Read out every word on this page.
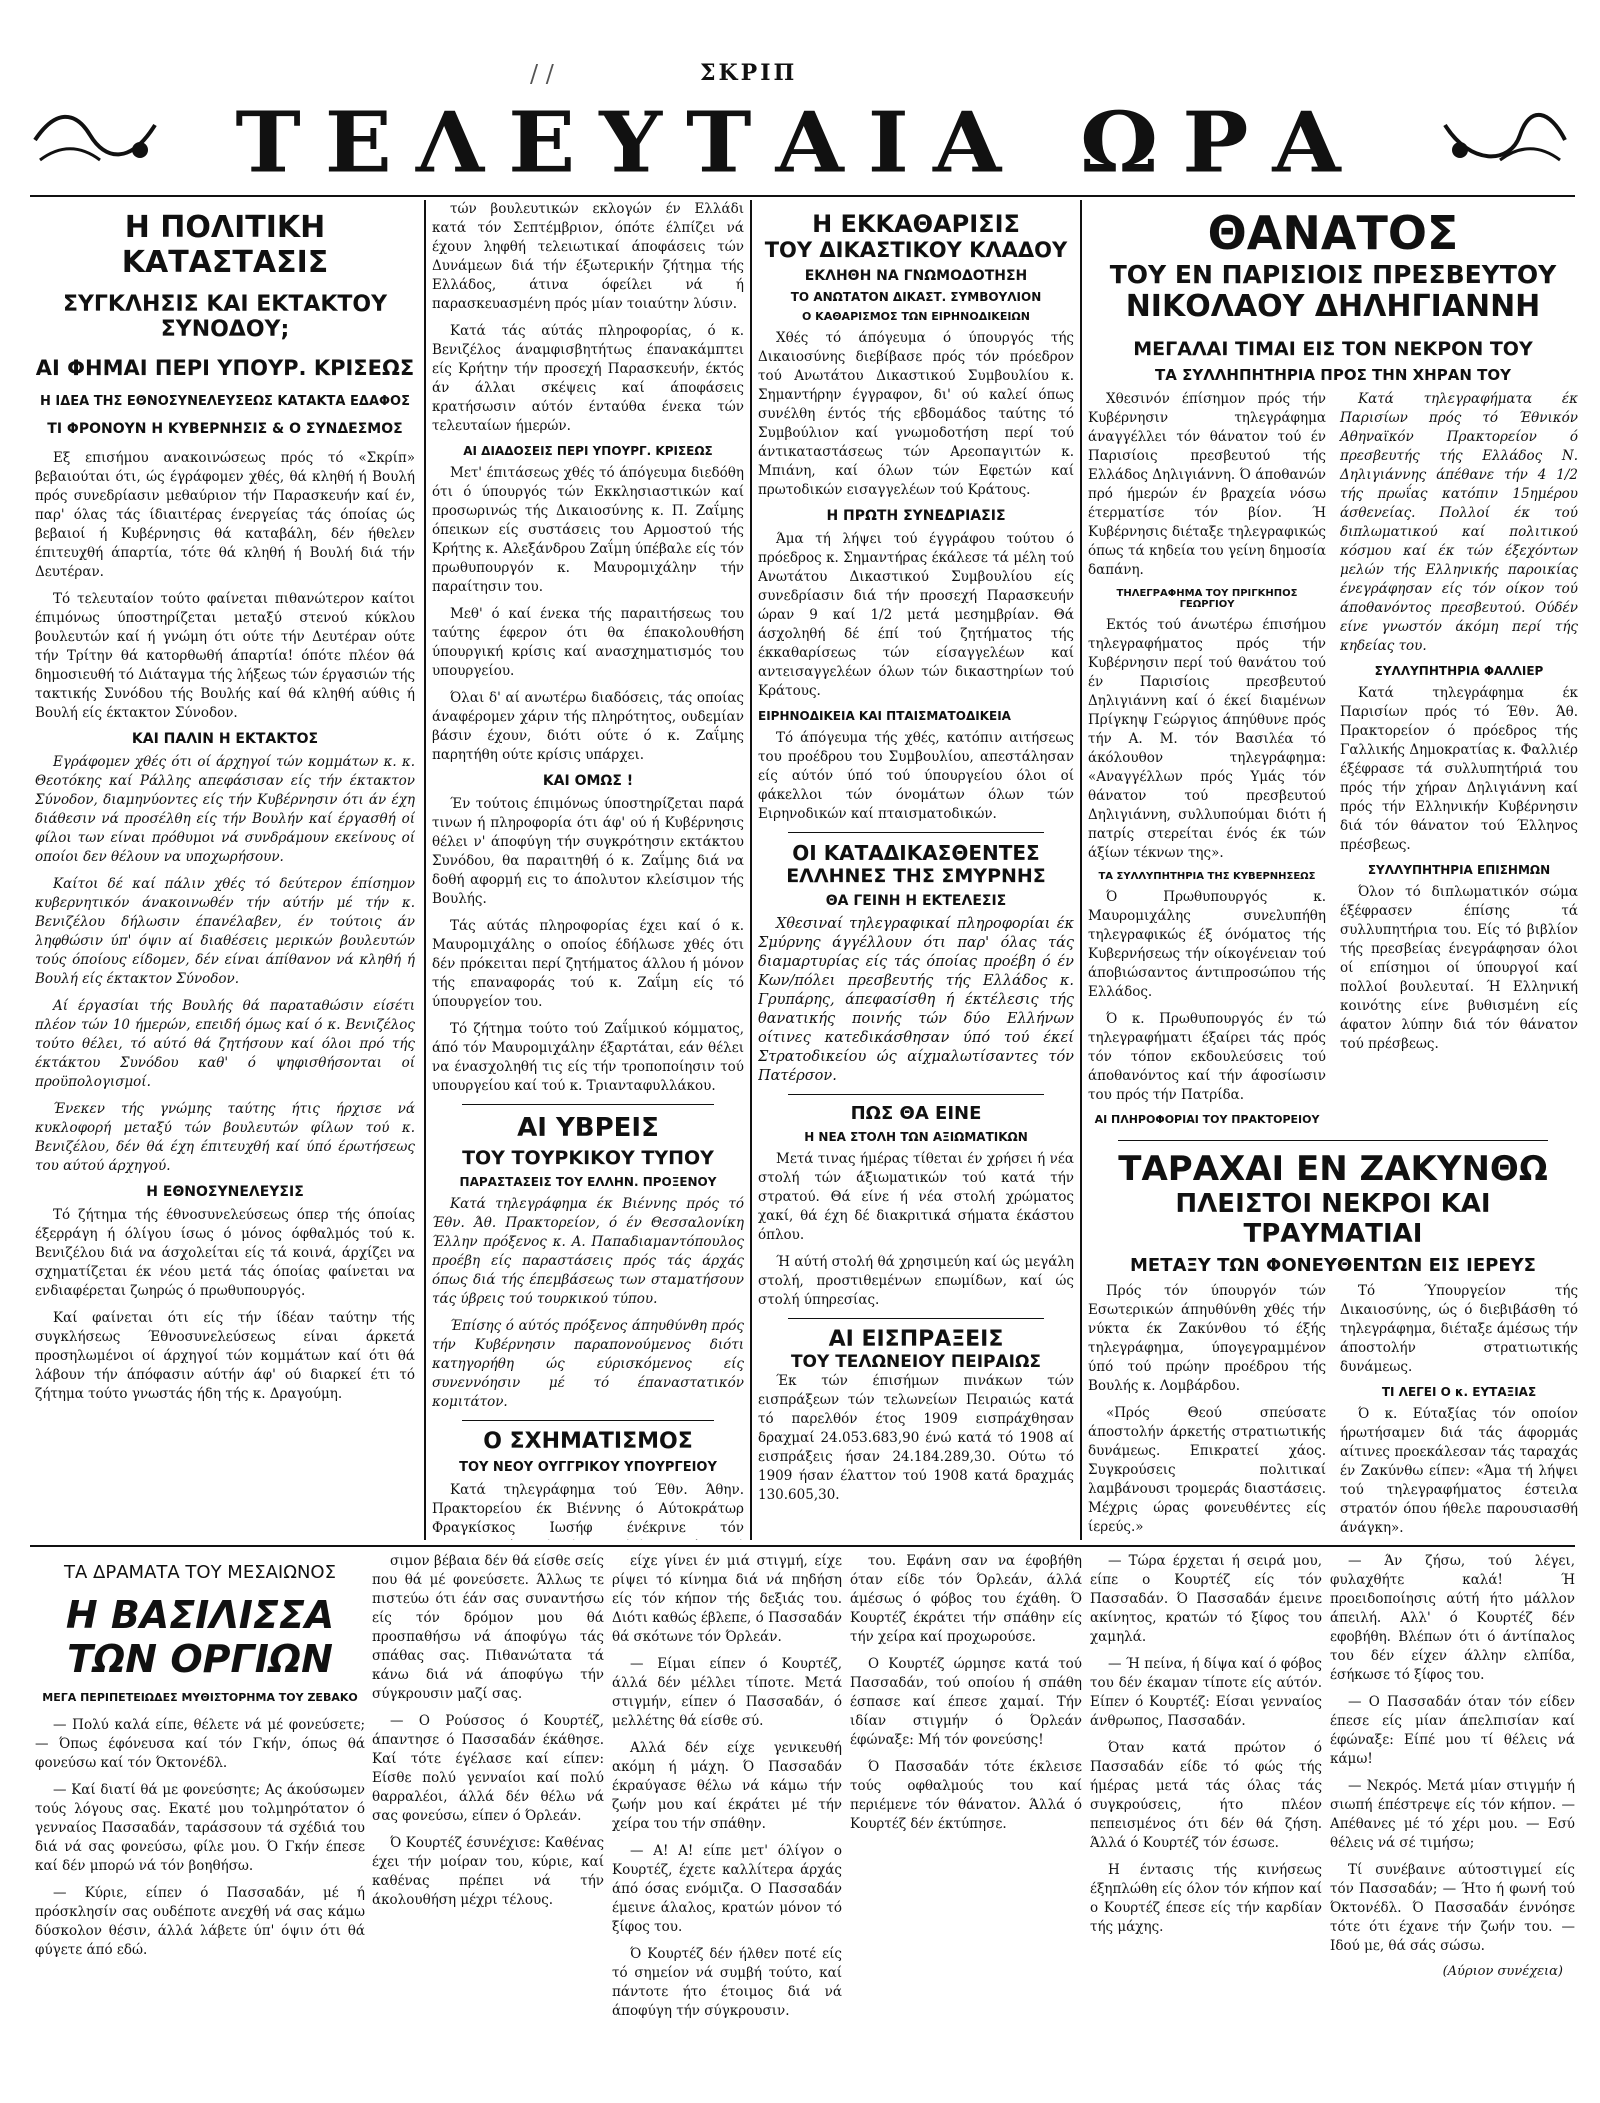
/ /	ΣΚΡΙΠ
ΤΕΛΕΥΤΑΙΑ ΩΡΑ
Η ΠΟΛΙΤΙΚΗ ΚΑΤΑΣΤΑΣΙΣ
ΣΥΓΚΛΗΣΙΣ ΚΑΙ ΕΚΤΑΚΤΟΥ ΣΥΝΟΔΟΥ;
ΑΙ ΦΗΜΑΙ ΠΕΡΙ ΥΠΟΥΡ. ΚΡΙΣΕΩΣ
Η ΙΔΕΑ ΤΗΣ ΕΘΝΟΣΥΝΕΛΕΥΣΕΩΣ ΚΑΤΑΚΤΑ ΕΔΑΦΟΣ
ΤΙ ΦΡΟΝΟΥΝ Η ΚΥΒΕΡΝΗΣΙΣ & Ο ΣΥΝΔΕΣΜΟΣ

Εξ επισήμου ανακοινώσεως πρός τό «Σκρίπ» βεβαιούται ότι, ώς έγράφομεν χθές, θά κληθή ή Βουλή πρός συνεδρίασιν μεθαύριον τήν Παρασκευήν καί έν, παρ' όλας τάς ίδιαιτέρας ένεργείας τάς όποίας ώς βεβαιοί ή Κυβέρνησις θά καταβάλη, δέν ήθελεν έπιτευχθή άπαρτία, τότε θά κληθή ή Βουλή διά τήν Δευτέραν.

Τό τελευταίον τούτο φαίνεται πιθανώτερον καίτοι έπιμόνως ύποστηρίζεται μεταξύ στενού κύκλου βουλευτών καί ή γνώμη ότι ούτε τήν Δευτέραν ούτε τήν Τρίτην θά κατορθωθή άπαρτία! όπότε πλέον θά δημοσιευθή τό Διάταγμα τής λήξεως τών έργασιών τής τακτικής Συνόδου τής Βουλής καί θά κληθή αύθις ή Βουλή είς έκτακτον Σύνοδον.

ΚΑΙ ΠΑΛΙΝ Η ΕΚΤΑΚΤΟΣ

Εγράφομεν χθές ότι οί άρχηγοί τών κομμάτων κ. κ. Θεοτόκης καί Ράλλης απεφάσισαν είς τήν έκτακτον Σύνοδον, διαμηνύοντες είς τήν Κυβέρνησιν ότι άν έχη διάθεσιν νά προσέλθη είς τήν Βουλήν καί έργασθή οί φίλοι των είναι πρόθυμοι νά συνδράμουν εκείνους οί οποίοι δεν θέλουν να υποχωρήσουν.

Καίτοι δέ καί πάλιν χθές τό δεύτερον έπίσημον κυβερνητικόν άνακοινωθέν τήν αύτήν μέ τήν κ. Βενιζέλου δήλωσιν έπανέλαβεν, έν τούτοις άν ληφθώσιν ύπ' όψιν αί διαθέσεις μερικών βουλευτών τούς όποίους είδομεν, δέν είναι άπίθανον νά κληθή ή Βουλή είς έκτακτον Σύνοδον.

Αί έργασίαι τής Βουλής θά παραταθώσιν είσέτι πλέον τών 10 ήμερών, επειδή όμως καί ό κ. Βενιζέλος τούτο θέλει, τό αύτό θά ζητήσουν καί όλοι πρό τής έκτάκτου Συνόδου καθ' ό ψηφισθήσονται οί προϋπολογισμοί.

Ένεκεν τής γνώμης ταύτης ήτις ήρχισε νά κυκλοφορή μεταξύ τών βουλευτών φίλων τού κ. Βενιζέλου, δέν θά έχη έπιτευχθή καί ύπό έρωτήσεως του αύτού άρχηγού.

Η ΕΘΝΟΣΥΝΕΛΕΥΣΙΣ

Τό ζήτημα τής έθνοσυνελεύσεως όπερ τής όποίας έξερράγη ή όλίγου ίσως ό μόνος όφθαλμός τού κ. Βενιζέλου διά να άσχολείται είς τά κοινά, άρχίζει να σχηματίζεται έκ νέου μετά τάς όποίας φαίνεται να ενδιαφέρεται ζωηρώς ό πρωθυπουργός.

Καί φαίνεται ότι είς τήν ίδέαν ταύτην τής συγκλήσεως Έθνοσυνελεύσεως είναι άρκετά προσηλωμένοι οί άρχηγοί τών κομμάτων καί ότι θά λάβουν τήν άπόφασιν αύτήν άφ' ού διαρκεί έτι τό ζήτημα τούτο γνωστάς ήδη τής κ. Δραγούμη.

τών βουλευτικών εκλογών έν Ελλάδι κατά τόν Σεπτέμβριον, όπότε έλπίζει νά έχουν ληφθή τελειωτικαί άποφάσεις τών Δυνάμεων διά τήν έξωτερικήν ζήτημα τής Ελλάδος, άτινα όφείλει νά ή παρασκευασμένη πρός μίαν τοιαύτην λύσιν.

Κατά τάς αύτάς πληροφορίας, ό κ. Βενιζέλος άναμφισβητήτως έπανακάμπτει είς Κρήτην τήν προσεχή Παρασκευήν, έκτός άν άλλαι σκέψεις καί άποφάσεις κρατήσωσιν αύτόν ένταύθα ένεκα τών τελευταίων ήμερών.

ΑΙ ΔΙΑΔΟΣΕΙΣ ΠΕΡΙ ΥΠΟΥΡΓ. ΚΡΙΣΕΩΣ

Μετ' έπιτάσεως χθές τό άπόγευμα διεδόθη ότι ό ύπουργός τών Εκκλησιαστικών καί προσωρινώς τής Δικαιοσύνης κ. Π. Ζαΐμης όπεικων είς συστάσεις του Αρμοστού τής Κρήτης κ. Αλεξάνδρου Ζαΐμη ύπέβαλε είς τόν πρωθυπουργόν κ. Μαυρομιχάλην τήν παραίτησιν του.

Μεθ' ό καί ένεκα τής παραιτήσεως του ταύτης έφερον ότι θα έπακολουθήση ύπουργική κρίσις καί ανασχηματισμός του υπουργείου.

Όλαι δ' αί ανωτέρω διαδόσεις, τάς οποίας άναφέρομεν χάριν τής πληρότητος, ουδεμίαν βάσιν έχουν, διότι ούτε ό κ. Ζαΐμης παρητήθη ούτε κρίσις υπάρχει.

ΚΑΙ ΟΜΩΣ !

Έν τούτοις έπιμόνως ύποστηρίζεται παρά τινων ή πληροφορία ότι άφ' ού ή Κυβέρνησις θέλει ν' άποφύγη τήν συγκρότησιν εκτάκτου Συνόδου, θα παραιτηθή ό κ. Ζαΐμης διά να δοθή αφορμή εις το άπολυτον κλείσιμον τής Βουλής.

Τάς αύτάς πληροφορίας έχει καί ό κ. Μαυρομιχάλης ο οποίος έδήλωσε χθές ότι δέν πρόκειται περί ζητήματος άλλου ή μόνον τής επαναφοράς τού κ. Ζαΐμη είς τό ύπουργείον του.

Τό ζήτημα τούτο τού Ζαΐμικού κόμματος, άπό τόν Μαυρομιχάλην έξαρτάται, εάν θέλει να ένασχοληθή τις είς τήν τροποποίησιν τού υπουργείου καί τού κ. Τριανταφυλλάκου.

ΑΙ ΥΒΡΕΙΣ
ΤΟΥ ΤΟΥΡΚΙΚΟΥ ΤΥΠΟΥ
ΠΑΡΑΣΤΑΣΕΙΣ ΤΟΥ ΕΛΛΗΝ. ΠΡΟΞΕΝΟΥ

Κατά τηλεγράφημα έκ Βιέννης πρός τό Έθν. Άθ. Πρακτορείον, ό έν Θεσσαλονίκη Έλλην πρόξενος κ. Α. Παπαδιαμαντόπουλος προέβη είς παραστάσεις πρός τάς άρχάς όπως διά τής έπεμβάσεως των σταματήσουν τάς ύβρεις τού τουρκικού τύπου.

Έπίσης ό αύτός πρόξενος άπηυθύνθη πρός τήν Κυβέρνησιν παραπονούμενος διότι κατηγορήθη ώς εύρισκόμενος είς συνεννόησιν μέ τό έπαναστατικόν κομιτάτον.

Ο ΣΧΗΜΑΤΙΣΜΟΣ
ΤΟΥ ΝΕΟΥ ΟΥΓΓΡΙΚΟΥ ΥΠΟΥΡΓΕΙΟΥ

Κατά τηλεγράφημα τού Έθν. Άθην. Πρακτορείου έκ Βιέννης ό Αύτοκράτωρ Φραγκίσκος Ιωσήφ ένέκρινε τόν

Η ΕΚΚΑΘΑΡΙΣΙΣ
ΤΟΥ ΔΙΚΑΣΤΙΚΟΥ ΚΛΑΔΟΥ
ΕΚΛΗΘΗ ΝΑ ΓΝΩΜΟΔΟΤΗΣΗ
ΤΟ ΑΝΩΤΑΤΟΝ ΔΙΚΑΣΤ. ΣΥΜΒΟΥΛΙΟΝ
Ο ΚΑΘΑΡΙΣΜΟΣ ΤΩΝ ΕΙΡΗΝΟΔΙΚΕΙΩΝ

Χθές τό άπόγευμα ό ύπουργός τής Δικαιοσύνης διεβίβασε πρός τόν πρόεδρον τού Ανωτάτου Δικαστικού Συμβουλίου κ. Σημαντήρην έγγραφον, δι' ού καλεί όπως συνέλθη έντός τής εβδομάδος ταύτης τό Συμβούλιον καί γνωμοδοτήση περί τού άντικαταστάσεως τών Αρεοπαγιτών κ. Μπιάνη, καί όλων τών Εφετών καί πρωτοδικών εισαγγελέων τού Κράτους.

Η ΠΡΩΤΗ ΣΥΝΕΔΡΙΑΣΙΣ

Άμα τή λήψει τού έγγράφου τούτου ό πρόεδρος κ. Σημαντήρας έκάλεσε τά μέλη τού Ανωτάτου Δικαστικού Συμβουλίου είς συνεδρίασιν διά τήν προσεχή Παρασκευήν ώραν 9 καί 1/2 μετά μεσημβρίαν. Θά άσχοληθή δέ έπί τού ζητήματος τής έκκαθαρίσεως τών είσαγγελέων καί αντεισαγγελέων όλων τών δικαστηρίων τού Κράτους.

ΕΙΡΗΝΟΔΙΚΕΙΑ ΚΑΙ ΠΤΑΙΣΜΑΤΟΔΙΚΕΙΑ

Τό άπόγευμα τής χθές, κατόπιν αιτήσεως του προέδρου του Συμβουλίου, απεστάλησαν είς αύτόν ύπό τού ύπουργείου όλοι οί φάκελλοι τών όνομάτων όλων τών Ειρηνοδικών καί πταισματοδικών.

ΟΙ ΚΑΤΑΔΙΚΑΣΘΕΝΤΕΣ
ΕΛΛΗΝΕΣ ΤΗΣ ΣΜΥΡΝΗΣ
ΘΑ ΓΕΙΝΗ Η ΕΚΤΕΛΕΣΙΣ

Χθεσιναί τηλεγραφικαί πληροφορίαι έκ Σμύρνης άγγέλλουν ότι παρ' όλας τάς διαμαρτυρίας είς τάς όποίας προέβη ό έν Κων/πόλει πρεσβευτής τής Ελλάδος κ. Γρυπάρης, άπεφασίσθη ή έκτέλεσις τής θανατικής ποινής τών δύο Ελλήνων οίτινες κατεδικάσθησαν ύπό τού έκεί Στρατοδικείου ώς αίχμαλωτίσαντες τόν Πατέρσον.

ΠΩΣ ΘΑ ΕΙΝΕ
Η ΝΕΑ ΣΤΟΛΗ ΤΩΝ ΑΞΙΩΜΑΤΙΚΩΝ

Μετά τινας ήμέρας τίθεται έν χρήσει ή νέα στολή τών άξιωματικών τού κατά τήν στρατού. Θά είνε ή νέα στολή χρώματος χακί, θά έχη δέ διακριτικά σήματα έκάστου όπλου.

Ή αύτή στολή θά χρησιμεύη καί ώς μεγάλη στολή, προστιθεμένων επωμίδων, καί ώς στολή ύπηρεσίας.

ΑΙ ΕΙΣΠΡΑΞΕΙΣ
ΤΟΥ ΤΕΛΩΝΕΙΟΥ ΠΕΙΡΑΙΩΣ

Έκ τών έπισήμων πινάκων τών εισπράξεων τών τελωνείων Πειραιώς κατά τό παρελθόν έτος 1909 εισπράχθησαν δραχμαί 24.053.683,90 ένώ κατά τό 1908 αί εισπράξεις ήσαν 24.184.289,30. Ούτω τό 1909 ήσαν έλαττον τού 1908 κατά δραχμάς 130.605,30.

ΘΑΝΑΤΟΣ
ΤΟΥ ΕΝ ΠΑΡΙΣΙΟΙΣ ΠΡΕΣΒΕΥΤΟΥ
ΝΙΚΟΛΑΟΥ ΔΗΛΗΓΙΑΝΝΗ
ΜΕΓΑΛΑΙ ΤΙΜΑΙ ΕΙΣ ΤΟΝ ΝΕΚΡΟΝ ΤΟΥ
ΤΑ ΣΥΛΛΗΠΗΤΗΡΙΑ ΠΡΟΣ ΤΗΝ ΧΗΡΑΝ ΤΟΥ

Χθεσινόν έπίσημον πρός τήν Κυβέρνησιν τηλεγράφημα άναγγέλλει τόν θάνατον τού έν Παρισίοις πρεσβευτού τής Ελλάδος Δηλιγιάννη. Ό άποθανών πρό ήμερών έν βραχεία νόσω έτερματίσε τόν βίον. Ή Κυβέρνησις διέταξε τηλεγραφικώς όπως τά κηδεία του γείνη δημοσία δαπάνη.

ΤΗΛΕΓΡΑΦΗΜΑ ΤΟΥ ΠΡΙΓΚΗΠΟΣ ΓΕΩΡΓΙΟΥ

Εκτός τού άνωτέρω έπισήμου τηλεγραφήματος πρός τήν Κυβέρνησιν περί τού θανάτου τού έν Παρισίοις πρεσβευτού Δηλιγιάννη καί ό έκεί διαμένων Πρίγκηψ Γεώργιος άπηύθυνε πρός τήν Α. Μ. τόν Βασιλέα τό άκόλουθον τηλεγράφημα: «Αναγγέλλων πρός Υμάς τόν θάνατον τού πρεσβευτού Δηλιγιάννη, συλλυπούμαι διότι ή πατρίς στερείται ένός έκ τών άξίων τέκνων της».

ΤΑ ΣΥΛΛΥΠΗΤΗΡΙΑ ΤΗΣ ΚΥΒΕΡΝΗΣΕΩΣ

Ό Πρωθυπουργός κ. Μαυρομιχάλης συνελυπήθη τηλεγραφικώς έξ όνόματος τής Κυβερνήσεως τήν οίκογένειαν τού άποβιώσαντος άντιπροσώπου τής Ελλάδος.

Ό κ. Πρωθυπουργός έν τώ τηλεγραφήματι έξαίρει τάς πρός τόν τόπον εκδουλεύσεις τού άποθανόντος καί τήν άφοσίωσιν του πρός τήν Πατρίδα.

ΑΙ ΠΛΗΡΟΦΟΡΙΑΙ ΤΟΥ ΠΡΑΚΤΟΡΕΙΟΥ

Κατά τηλεγραφήματα έκ Παρισίων πρός τό Έθνικόν Αθηναϊκόν Πρακτορείον ό πρεσβευτής τής Ελλάδος Ν. Δηλιγιάννης άπέθανε τήν 4 1/2 τής πρωΐας κατόπιν 15ημέρου άσθενείας. Πολλοί έκ τού διπλωματικού καί πολιτικού κόσμου καί έκ τών έξεχόντων μελών τής Ελληνικής παροικίας ένεγράφησαν είς τόν οίκον τού άποθανόντος πρεσβευτού. Ούδέν είνε γνωστόν άκόμη περί τής κηδείας του.

ΣΥΛΛΥΠΗΤΗΡΙΑ ΦΑΛΛΙΕΡ

Κατά τηλεγράφημα έκ Παρισίων πρός τό Έθν. Άθ. Πρακτορείον ό πρόεδρος τής Γαλλικής Δημοκρατίας κ. Φαλλιέρ έξέφρασε τά συλλυπητήριά του πρός τήν χήραν Δηλιγιάννη καί πρός τήν Ελληνικήν Κυβέρνησιν διά τόν θάνατον τού Έλληνος πρέσβεως.

ΣΥΛΛΥΠΗΤΗΡΙΑ ΕΠΙΣΗΜΩΝ

Όλον τό διπλωματικόν σώμα έξέφρασεν έπίσης τά συλλυπητήρια του. Είς τό βιβλίον τής πρεσβείας ένεγράφησαν όλοι οί επίσημοι οί ύπουργοί καί πολλοί βουλευταί. Ή Ελληνική κοινότης είνε βυθισμένη είς άφατον λύπην διά τόν θάνατον τού πρέσβεως.

ΤΑΡΑΧΑΙ ΕΝ ΖΑΚΥΝΘΩ
ΠΛΕΙΣΤΟΙ ΝΕΚΡΟΙ ΚΑΙ ΤΡΑΥΜΑΤΙΑΙ
ΜΕΤΑΞΥ ΤΩΝ ΦΟΝΕΥΘΕΝΤΩΝ ΕΙΣ ΙΕΡΕΥΣ

Πρός τόν ύπουργόν τών Εσωτερικών άπηυθύνθη χθές τήν νύκτα έκ Ζακύνθου τό έξής τηλεγράφημα, ύπογεγραμμένον ύπό τού πρώην προέδρου τής Βουλής κ. Λομβάρδου.

«Πρός Θεού σπεύσατε άποστολήν άρκετής στρατιωτικής δυνάμεως. Επικρατεί χάος. Συγκρούσεις πολιτικαί λαμβάνουσι τρομεράς διαστάσεις. Μέχρις ώρας φονευθέντες είς ίερεύς.»

Τό Ύπουργείον τής Δικαιοσύνης, ώς ό διεβιβάσθη τό τηλεγράφημα, διέταξε άμέσως τήν άποστολήν στρατιωτικής δυνάμεως.

ΤΙ ΛΕΓΕΙ Ο κ. ΕΥΤΑΞΙΑΣ

Ό κ. Εύταξίας τόν οποίον ήρωτήσαμεν διά τάς άφορμάς αίτινες προεκάλεσαν τάς ταραχάς έν Ζακύνθω είπεν: «Άμα τή λήψει τού τηλεγραφήματος έστειλα στρατόν όπου ήθελε παρουσιασθή άνάγκη».

ΤΑ ΔΡΑΜΑΤΑ ΤΟΥ ΜΕΣΑΙΩΝΟΣ
Η ΒΑΣΙΛΙΣΣΑ
ΤΩΝ ΟΡΓΙΩΝ
ΜΕΓΑ ΠΕΡΙΠΕΤΕΙΩΔΕΣ ΜΥΘΙΣΤΟΡΗΜΑ ΤΟΥ ΖΕΒΑΚΟ

— Πολύ καλά είπε, θέλετε νά μέ φονεύσετε; — Όπως έφόνευσα καί τόν Γκήν, όπως θά φονεύσω καί τόν Όκτονέδλ.

— Καί διατί θά με φονεύσητε; Ας άκούσωμεν τούς λόγους σας. Εκατέ μου τολμηρότατον ό γενναίος Πασσαδάν, ταράσσουν τά σχέδιά του διά νά σας φονεύσω, φίλε μου. Ό Γκήν έπεσε καί δέν μπορώ νά τόν βοηθήσω.

— Κύριε, είπεν ό Πασσαδάν, μέ ή πρόσκλησίν σας ουδέποτε ανεχθή νά σας κάμω δύσκολον θέσιν, άλλά λάβετε ύπ' όψιν ότι θά φύγετε άπό εδώ.

σιμον βέβαια δέν θά είσθε σείς που θά μέ φονεύσετε. Άλλως τε πιστεύω ότι έάν σας συναντήσω είς τόν δρόμον μου θά προσπαθήσω νά άποφύγω τάς σπάθας σας. Πιθανώτατα τά κάνω διά νά άποφύγω τήν σύγκρουσιν μαζί σας.

— Ο Ρούσσος ό Κουρτέζ, άπαντησε ό Πασσαδάν έκάθησε. Καί τότε έγέλασε καί είπεν: Είσθε πολύ γενναίοι καί πολύ θαρραλέοι, άλλά δέν θέλω νά σας φονεύσω, είπεν ό Όρλεάν.

Ό Κουρτέζ έσυνέχισε: Καθένας έχει τήν μοίραν του, κύριε, καί καθένας πρέπει νά τήν άκολουθήση μέχρι τέλους.

είχε γίνει έν μιά στιγμή, είχε ρίψει τό κίνημα διά νά πηδήση είς τόν κήπον τής δεξιάς του. Διότι καθώς έβλεπε, ό Πασσαδάν θά σκότωνε τόν Όρλεάν.

— Είμαι είπεν ό Κουρτέζ, άλλά δέν μέλλει τίποτε. Μετά στιγμήν, είπεν ό Πασσαδάν, ό μελλέτης θά είσθε σύ.

Αλλά δέν είχε γενικευθή ακόμη ή μάχη. Ό Πασσαδάν έκραύγασε θέλω νά κάμω τήν ζωήν μου καί έκράτει μέ τήν χείρα του τήν σπάθην.

— Α! Α! είπε μετ' όλίγον ο Κουρτέζ, έχετε καλλίτερα άρχάς άπό όσας ενόμιζα. Ο Πασσαδάν έμεινε άλαλος, κρατών μόνον τό ξίφος του.

Ό Κουρτέζ δέν ήλθεν ποτέ είς τό σημείον νά συμβή τούτο, καί πάντοτε ήτο έτοιμος διά νά άποφύγη τήν σύγκρουσιν.

του. Εφάνη σαν να έφοβήθη όταν είδε τόν Όρλεάν, άλλά άμέσως ό φόβος του έχάθη. Ό Κουρτέζ έκράτει τήν σπάθην είς τήν χείρα καί προχωρούσε.

Ο Κουρτέζ ώρμησε κατά τού Πασσαδάν, τού οποίου ή σπάθη έσπασε καί έπεσε χαμαί. Τήν ιδίαν στιγμήν ό Όρλεάν έφώναξε: Μή τόν φονεύσης!

Ό Πασσαδάν τότε έκλεισε τούς οφθαλμούς του καί περιέμενε τόν θάνατον. Άλλά ό Κουρτέζ δέν έκτύπησε.

— Τώρα έρχεται ή σειρά μου, είπε ο Κουρτέζ είς τόν Πασσαδάν. Ό Πασσαδάν έμεινε ακίνητος, κρατών τό ξίφος του χαμηλά.

— Ή πείνα, ή δίψα καί ό φόβος του δέν έκαμαν τίποτε είς αύτόν. Είπεν ό Κουρτέζ: Είσαι γενναίος άνθρωπος, Πασσαδάν.

Όταν κατά πρώτον ό Πασσαδάν είδε τό φώς τής ήμέρας μετά τάς όλας τάς συγκρούσεις, ήτο πλέον πεπεισμένος ότι δέν θά ζήση. Άλλά ό Κουρτέζ τόν έσωσε.

Η έντασις τής κινήσεως έξηπλώθη είς όλον τόν κήπον καί ο Κουρτέζ έπεσε είς τήν καρδίαν τής μάχης.

— Άν ζήσω, τού λέγει, φυλαχθήτε καλά! Ή προειδοποίησις αύτή ήτο μάλλον άπειλή. Αλλ' ό Κουρτέζ δέν εφοβήθη. Βλέπων ότι ό άντίπαλος του δέν είχεν άλλην ελπίδα, έσήκωσε τό ξίφος του.

— Ο Πασσαδάν όταν τόν είδεν έπεσε είς μίαν άπελπισίαν καί έφώναξε: Είπέ μου τί θέλεις νά κάμω!

— Νεκρός. Μετά μίαν στιγμήν ή σιωπή έπέστρεψε είς τόν κήπον. — Απέθανες μέ τό χέρι μου. — Εσύ θέλεις νά σέ τιμήσω;

Τί συνέβαινε αύτοστιγμεί είς τόν Πασσαδάν; — Ήτο ή φωνή τού Όκτονέδλ. Ό Πασσαδάν έννόησε τότε ότι έχανε τήν ζωήν του. — Ιδού με, θά σάς σώσω.

(Αύριον συνέχεια)
